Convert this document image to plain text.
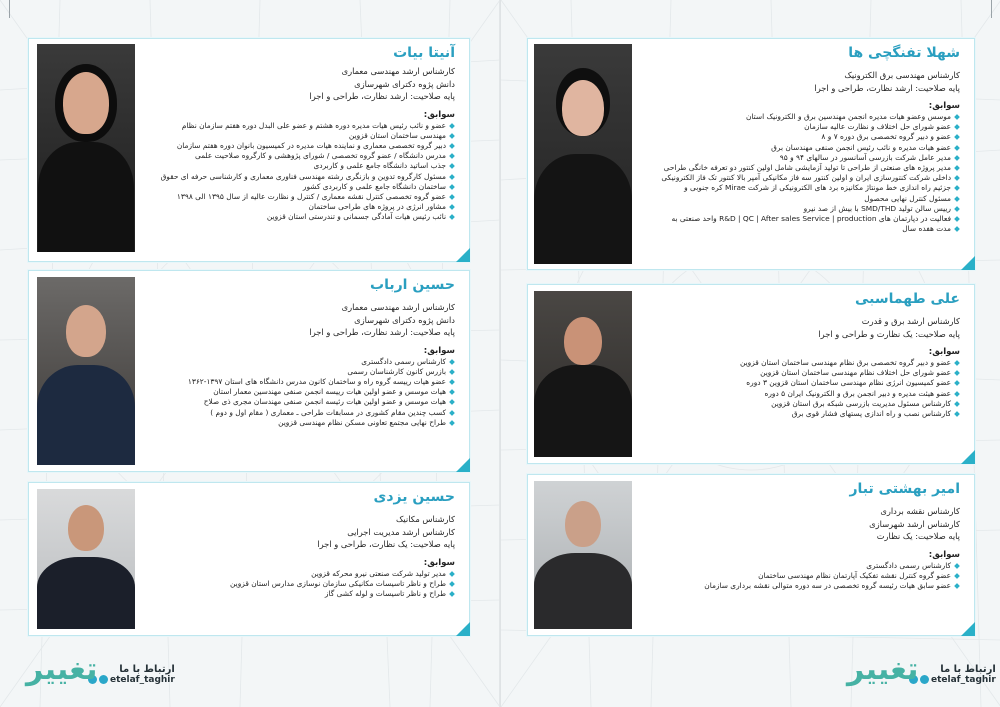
آنیتا بیات
کارشناس ارشد مهندسی معماری
دانش پژوه دکترای شهرسازی
پایه صلاحیت: ارشد نظارت، طراحی و اجرا
سوابق:
عضو و نائب رئیس هیات مدیره دوره هشتم و عضو علی البدل دوره هفتم سازمان نظام
مهندسی ساختمان استان قزوین
دبیر گروه تخصصی معماری و نماینده هیات مدیره در کمیسیون بانوان دوره هفتم سازمان
مدرس دانشگاه / عضو گروه تخصصی / شورای پژوهشی و کارگروه صلاحیت علمی
جذب اساتید دانشگاه جامع علمی و کاربردی
مسئول کارگروه تدوین و بازنگری رشته مهندسی فناوری معماری و کارشناسی حرفه ای حقوق
ساختمان دانشگاه جامع علمی و کاربردی کشور
عضو گروه تخصصی کنترل نقشه معماری / کنترل و نظارت عالیه از سال ۱۳۹۵ الی ۱۳۹۸
مشاور انرژی در پروژه های طراحی ساختمان
نائب رئیس هیات آمادگی جسمانی و تندرستی استان قزوین
حسین ارباب
کارشناس ارشد مهندسی معماری
دانش پژوه دکترای شهرسازی
پایه صلاحیت: ارشد نظارت، طراحی و اجرا
سوابق:
کارشناس رسمی دادگستری
بازرس کانون کارشناسان رسمی
عضو هیات رییسه گروه راه و ساختمان کانون مدرس دانشگاه های استان ۱۳۹۷-۱۳۶۲
هیات موسس و عضو اولین هیات رییسه انجمن صنفی مهندسین معمار استان
هیات موسس و عضو اولین هیات رئیسه انجمن صنفی مهندسان مجری ذی صلاح
کسب چندین مقام کشوری در مسابقات طراحی ـ معماری ( مقام اول و دوم )
طراح نهایی مجتمع تعاونی مسکن نظام مهندسی قزوین
حسین یزدی
کارشناس مکانیک
کارشناس ارشد مدیریت اجرایی
پایه صلاحیت: یک نظارت، طراحی و اجرا
سوابق:
مدیر تولید شرکت صنعتی نیرو محرکه قزوین
طراح و ناظر تاسیسات مکانیکی سازمان نوسازی مدارس استان قزوین
طراح و ناظر تاسیسات و لوله کشی گاز
تغییر	ارتباط با ما
etelaf_taghir
شهلا تفنگچی ها
کارشناس مهندسی برق الکترونیک
پایه صلاحیت: ارشد نظارت، طراحی و اجرا
سوابق:
موسس وعضو هیات مدیره انجمن مهندسین برق و الکترونیک استان
عضو شورای حل اختلاف و نظارت عالیه سازمان
عضو و دبیر گروه تخصصی برق دوره ۷ و ۸
عضو هیات مدیره و نائب رئیس انجمن صنفی مهندسان برق
مدیر عامل شرکت بازرسی آسانسور در سالهای ۹۴ و ۹۵
مدیر پروژه های صنعتی از طراحی تا تولید آزمایشی شامل اولین کنتور دو تعرفه خانگی طراحی
داخلی شرکت کنتورسازی ایران و اولین کنتور سه فاز مکانیکی آمپر بالا کنتور تک فاز الکترونیکی
جزئیم راه اندازی خط مونتاژ مکانیزه برد های الکترونیکی از شرکت Mirae کره جنوبی و
مسئول کنترل نهایی محصول
رییس سالن تولید SMD/THD با بیش از صد نیرو
فعالیت در دپارتمان های R&D | QC | After sales Service | production واحد صنعتی به
مدت هفده سال
علی طهماسبی
کارشناس ارشد برق و قدرت
پایه صلاحیت: یک نظارت و طراحی و اجرا
سوابق:
عضو و دبیر گروه تخصصی برق نظام مهندسی ساختمان استان قزوین
عضو شورای حل اختلاف نظام مهندسی ساختمان استان قزوین
عضو کمیسیون انرژی نظام مهندسی ساختمان استان قزوین ۳ دوره
عضو هیئت مدیره و دبیر انجمن برق و الکترونیک ایران ۵ دوره
کارشناس مسئول مدیریت بازرسی شبکه برق استان قزوین
کارشناس نصب و راه اندازی پستهای فشار قوی برق
امیر بهشتی تبار
کارشناس نقشه برداری
کارشناس ارشد شهرسازی
پایه صلاحیت: یک نظارت
سوابق:
کارشناس رسمی دادگستری
عضو گروه کنترل نقشه تفکیک آپارتمان نظام مهندسی ساختمان
عضو سابق هیات رئیسه گروه تخصصی در سه دوره متوالی نقشه برداری سازمان
تغییر	ارتباط با ما
etelaf_taghir
